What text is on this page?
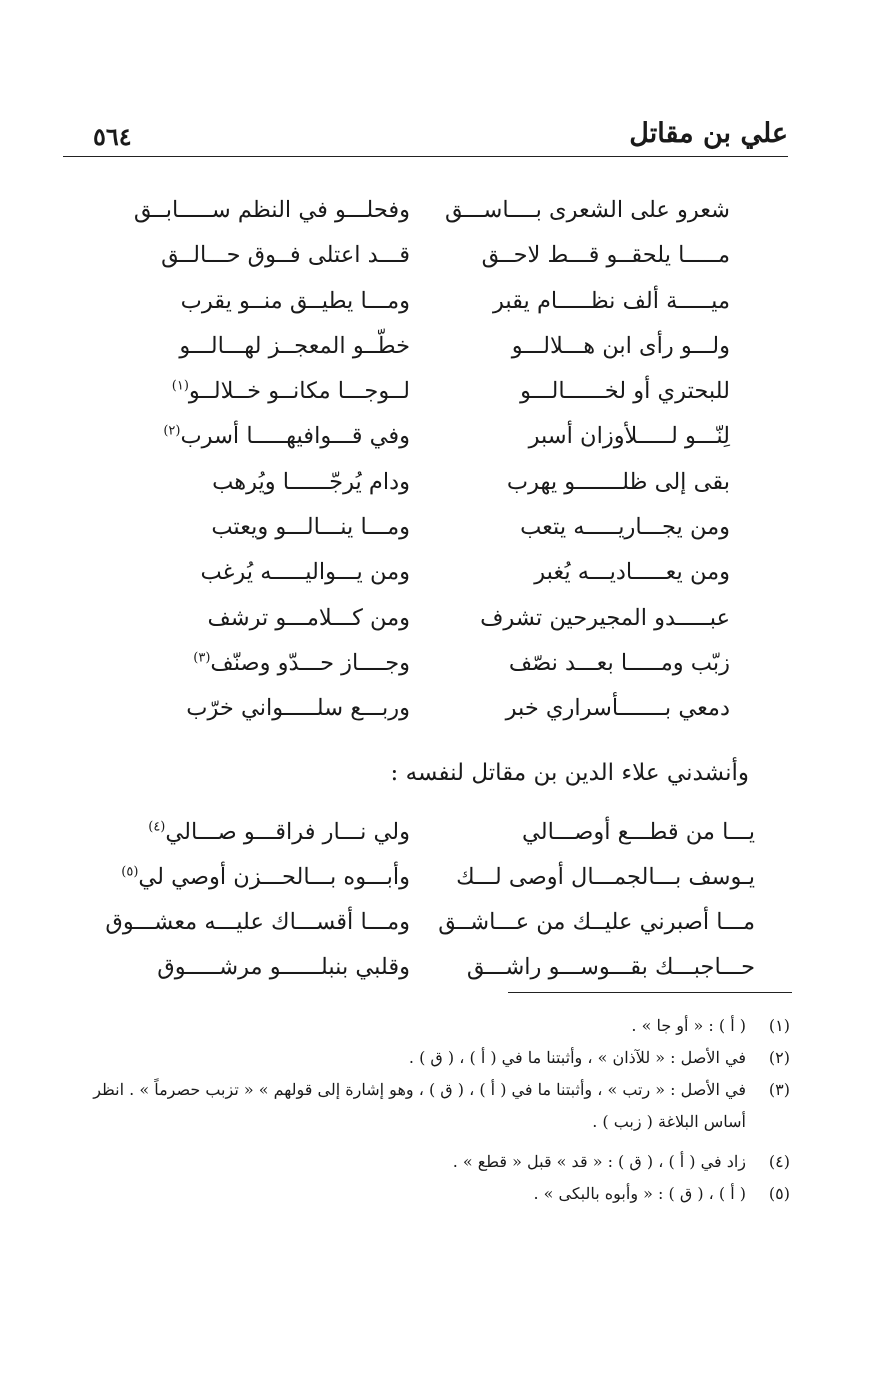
علي بن مقاتل
٥٦٤
شعرو على الشعرى بــــاســـق
وفحلـــو في النظم ســـــابــق
مـــــا يلحقــو قـــط لاحــق
قـــد اعتلى فــوق حـــالــق
ميـــــة ألف نظـــــام يقبر
ومـــا يطيــق منــو يقرب
ولـــو رأى ابن هـــلالـــو
خطّــو المعجــز لهـــالـــو
للبحتري أو لخــــــالـــو
لــوجـــا مكانــو خــلالــو$^{(١)}$
لِنّـــو لـــــلأوزان أسبر
وفي قـــوافيهـــــا أسرب$^{(٢)}$
بقى إلى ظلـــــــو يهرب
ودام يُرجّــــــا ويُرهب
ومن يجـــاريـــــه يتعب
ومـــا ينـــالـــو ويعتب
ومن يعـــــاديـــه يُغبر
ومن يـــواليـــــه يُرغب
عبـــــدو المجيرحين تشرف
ومن كـــلامـــو ترشف
زبّب ومـــــا بعـــد نصّف
وجــــاز حـــدّو وصنّف$^{(٣)}$
دمعي بـــــــأسراري خبر
وربـــع سلـــــواني خرّب
وأنشدني علاء الدين بن مقاتل لنفسه :
يـــا من قطـــع أوصـــالي
ولي نـــار فراقـــو صـــالي$^{(٤)}$
يـوسف بـــالجمـــال أوصى لـــك
وأبـــوه بـــالحـــزن أوصي لي$^{(٥)}$
مـــا أصبرني عليــك من عـــاشــق
ومـــا أقســـاك عليـــه معشـــوق
حـــاجبـــك بقـــوســـو راشـــق
وقلبي بنبلــــــو مرشـــــوق
(١)
( أ ) : « أو جا » .
(٢)
في الأصل : « للآذان » ، وأثبتنا ما في ( أ ) ، ( ق ) .
(٣)
في الأصل : « رتب » ، وأثبتنا ما في ( أ ) ، ( ق ) ، وهو إشارة إلى قولهم » « تزبب حصرماً » . انظر
أساس البلاغة ( زبب ) .
(٤)
زاد في ( أ ) ، ( ق ) : « قد » قبل « قطع » .
(٥)
( أ ) ، ( ق ) : « وأبوه بالبكى » .
